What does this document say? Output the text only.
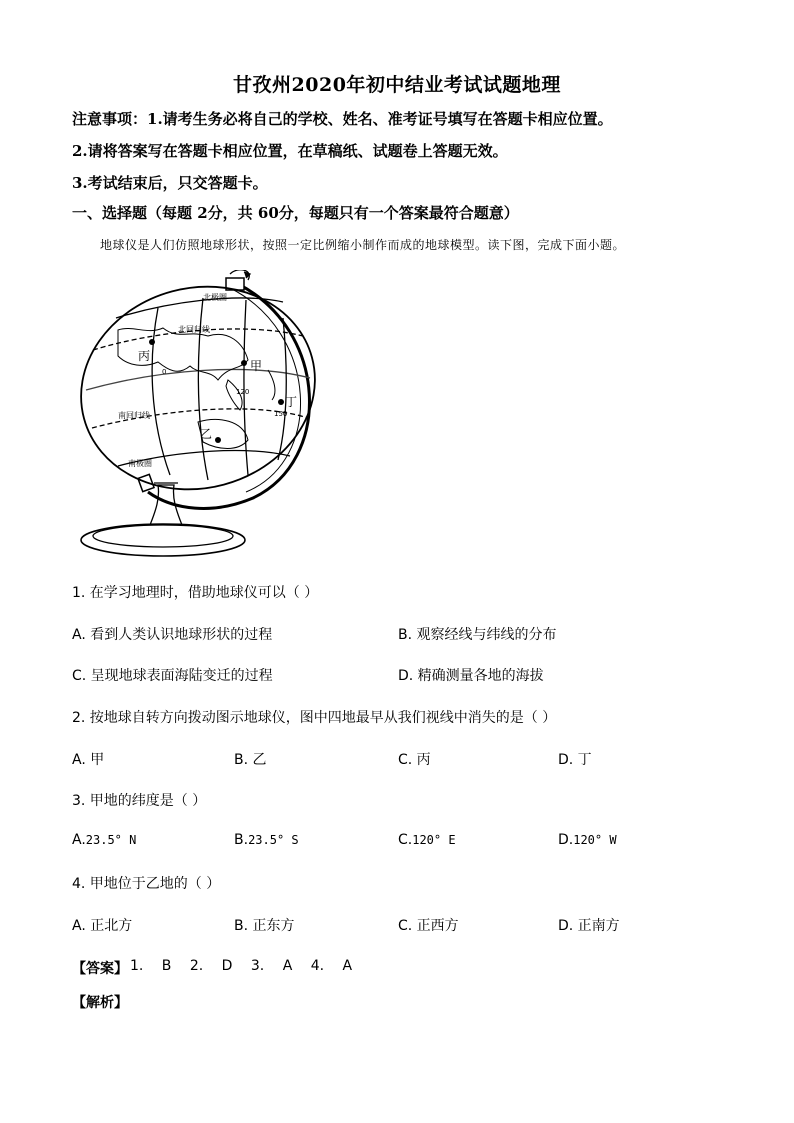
甘孜州2020年初中结业考试试题地理
注意事项：1.请考生务必将自己的学校、姓名、准考证号填写在答题卡相应位置。
2.请将答案写在答题卡相应位置，在草稿纸、试题卷上答题无效。
3.考试结束后，只交答题卡。
一、选择题（每题 2分，共 60分，每题只有一个答案最符合题意）
地球仪是人们仿照地球形状，按照一定比例缩小制作而成的地球模型。读下图，完成下面小题。
北极圈
北回归线
南回归线
南极圈
丙
甲
乙
丁
0
120
150
1. 在学习地理时，借助地球仪可以（ ）
A. 看到人类认识地球形状的过程	B. 观察经线与纬线的分布
C. 呈现地球表面海陆变迁的过程	D. 精确测量各地的海拔
2. 按地球自转方向拨动图示地球仪，图中四地最早从我们视线中消失的是（ ）
A. 甲	B. 乙	C. 丙	D. 丁
3. 甲地的纬度是（ ）
A.23.5° N	B.23.5° S	C.120° E	D.120° W
4. 甲地位于乙地的（ ）
A. 正北方	B. 正东方	C. 正西方	D. 正南方
【答案】 1. B 2. D 3. A 4. A
【解析】
